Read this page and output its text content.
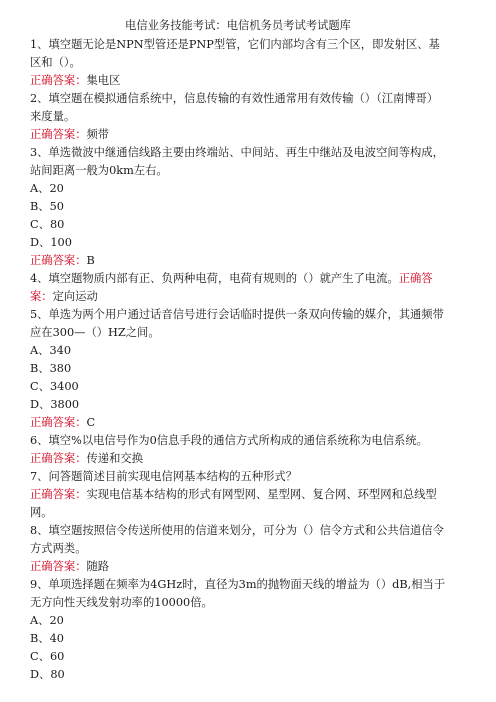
电信业务技能考试：电信机务员考试考试题库
1、填空题无论是NPN型管还是PNP型管，它们内部均含有三个区，即发射区、基区和（）。
正确答案：集电区
2、填空题在模拟通信系统中，信息传输的有效性通常用有效传输（）（江南博哥）来度量。
正确答案：频带
3、单选微波中继通信线路主要由终端站、中间站、再生中继站及电波空间等构成，站间距离一般为0km左右。
A、20
B、50
C、80
D、100
正确答案：B
4、填空题物质内部有正、负两种电荷，电荷有规则的（）就产生了电流。正确答案：定向运动
5、单选为两个用户通过话音信号进行会话临时提供一条双向传输的媒介，其通频带应在300—（）HZ之间。
A、340
B、380
C、3400
D、3800
正确答案：C
6、填空%以电信号作为0信息手段的通信方式所构成的通信系统称为电信系统。
正确答案：传递和交换
7、问答题简述目前实现电信网基本结构的五种形式？
正确答案：实现电信基本结构的形式有网型网、星型网、复合网、环型网和总线型网。
8、填空题按照信令传送所使用的信道来划分，可分为（）信令方式和公共信道信令方式两类。
正确答案：随路
9、单项选择题在频率为4GHz时，直径为3m的抛物面天线的增益为（）dB,相当于无方向性天线发射功率的10000倍。
A、20
B、40
C、60
D、80
